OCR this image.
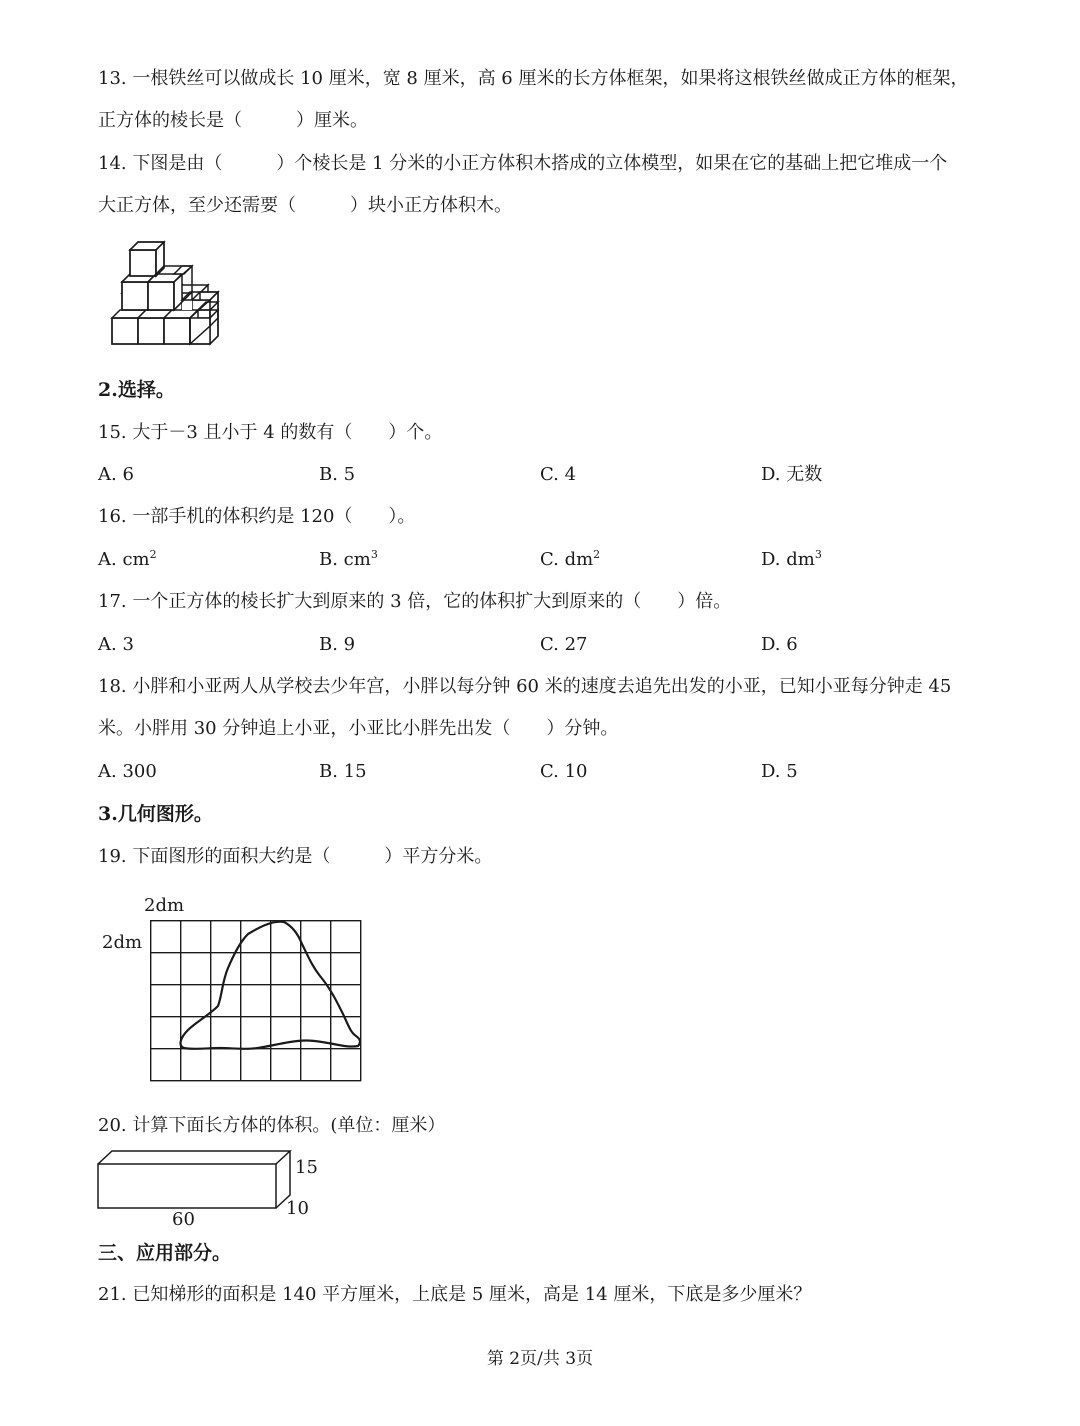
13. 一根铁丝可以做成长 10 厘米，宽 8 厘米，高 6 厘米的长方体框架，如果将这根铁丝做成正方体的框架，
正方体的棱长是（　　　）厘米。
14. 下图是由（　　　）个棱长是 1 分米的小正方体积木搭成的立体模型，如果在它的基础上把它堆成一个
大正方体，至少还需要（　　　）块小正方体积木。
2.选择。
15. 大于－3 且小于 4 的数有（　　）个。
A. 6	B. 5	C. 4	D. 无数
16. 一部手机的体积约是 120（　　）。
A. $cm^2$	B. $cm^3$	C. $dm^2$	D. $dm^3$
17. 一个正方体的棱长扩大到原来的 3 倍，它的体积扩大到原来的（　　）倍。
A. 3	B. 9	C. 27	D. 6
18. 小胖和小亚两人从学校去少年宫，小胖以每分钟 60 米的速度去追先出发的小亚，已知小亚每分钟走 45
米。小胖用 30 分钟追上小亚，小亚比小胖先出发（　　）分钟。
A. 300	B. 15	C. 10	D. 5
3.几何图形。
19. 下面图形的面积大约是（　　　）平方分米。
2dm
2dm
20. 计算下面长方体的体积。(单位：厘米）
15
10
60
三、应用部分。
21. 已知梯形的面积是 140 平方厘米，上底是 5 厘米，高是 14 厘米，下底是多少厘米？
第 2页/共 3页
